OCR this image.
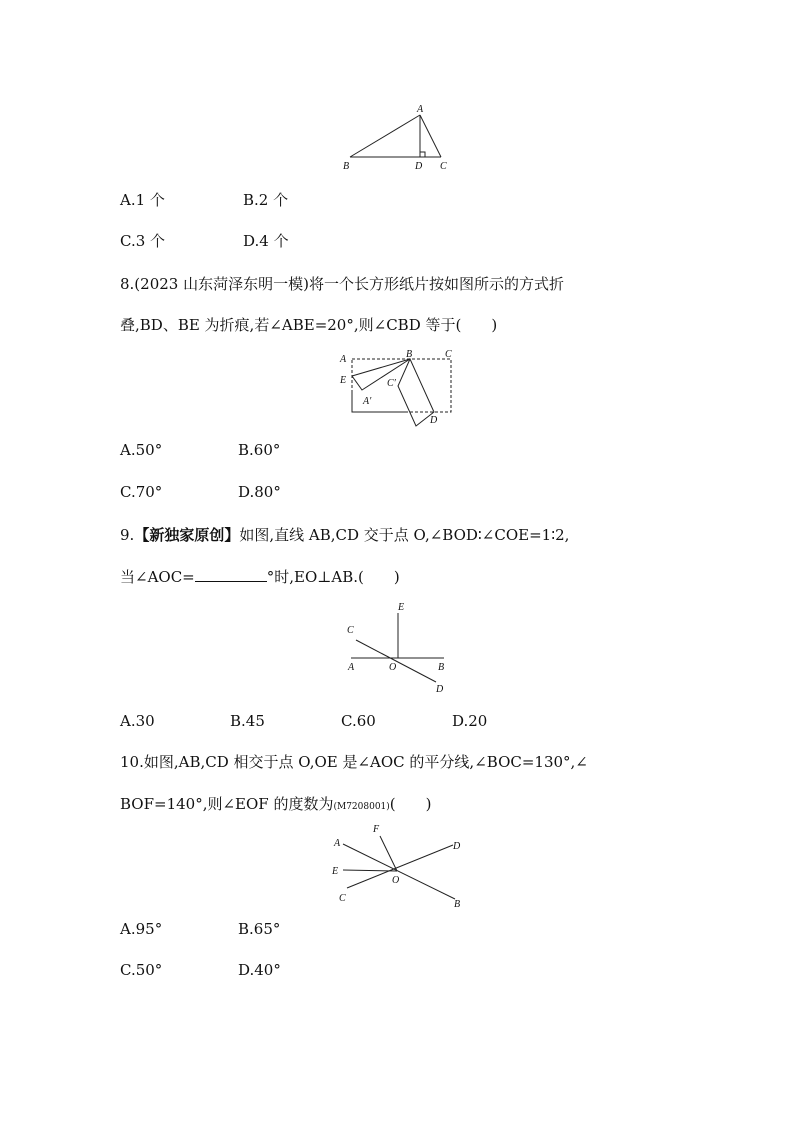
A
B	D C
A.1 个	B.2 个
C.3 个	D.4 个
8.(2023 山东菏泽东明一模)将一个长方形纸片按如图所示的方式折
叠,BD、BE 为折痕,若∠ABE=20°,则∠CBD 等于(　　)
A	B	C
E	C′
A′
D
A.50°	B.60°
C.70°	D.80°
9.【新独家原创】如图,直线 AB,CD 交于点 O,∠BOD∶∠COE=1∶2,
当∠AOC=	°时,EO⊥AB.(　　)
E
C
A	O	B
D
A.30	B.45	C.60	D.20
10.如图,AB,CD 相交于点 O,OE 是∠AOC 的平分线,∠BOC=130°,∠
BOF=140°,则∠EOF 的度数为(M7208001)(　　)
F
A	D
E
O
C
B
A.95°	B.65°
C.50°	D.40°
